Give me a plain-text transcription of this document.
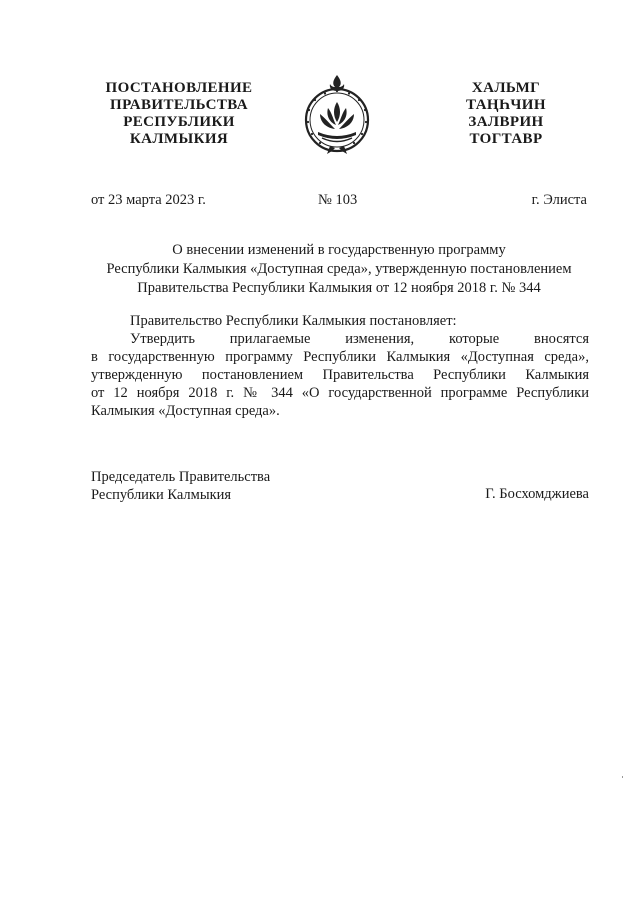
ПОСТАНОВЛЕНИЕ
ПРАВИТЕЛЬСТВА
РЕСПУБЛИКИ
КАЛМЫКИЯ
ХАЛЬМГ
ТАҢҺЧИН
ЗАЛВРИН
ТОГТАВР
от 23 марта 2023 г.	№ 103	г. Элиста
О внесении изменений в государственную программу
Республики Калмыкия «Доступная среда», утвержденную постановлением
Правительства Республики Калмыкия от 12 ноября 2018 г. № 344
Правительство Республики Калмыкия постановляет:
Утвердить прилагаемые изменения, которые вносятся
в государственную программу Республики Калмыкия «Доступная среда»,
утвержденную постановлением Правительства Республики Калмыкия
от 12 ноября 2018 г. № 344 «О государственной программе Республики
Калмыкия «Доступная среда».
Председатель Правительства
Республики Калмыкия	Г. Босхомджиева
